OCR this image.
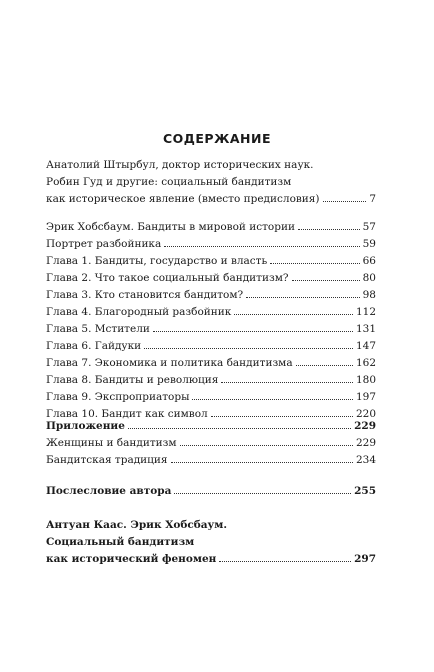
СОДЕРЖАНИЕ
Анатолий Штырбул, доктор исторических наук.
Робин Гуд и другие: социальный бандитизм
как историческое явление (вместо предисловия)	7
Эрик Хобсбаум. Бандиты в мировой истории	57
Портрет разбойника	59
Глава 1. Бандиты, государство и власть	66
Глава 2. Что такое социальный бандитизм?	80
Глава 3. Кто становится бандитом?	98
Глава 4. Благородный разбойник	112
Глава 5. Мстители	131
Глава 6. Гайдуки	147
Глава 7. Экономика и политика бандитизма	162
Глава 8. Бандиты и революция	180
Глава 9. Экспроприаторы	197
Глава 10. Бандит как символ	220
Приложение	229
Женщины и бандитизм	229
Бандитская традиция	234
Послесловие автора	255
Антуан Каас. Эрик Хобсбаум.
Социальный бандитизм
как исторический феномен	297
